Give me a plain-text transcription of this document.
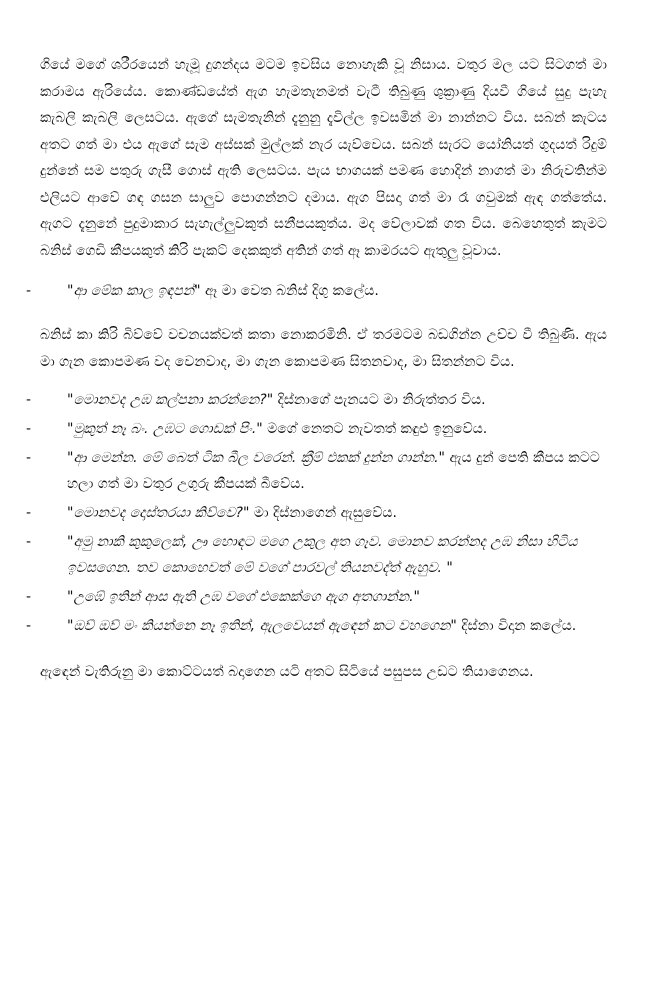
ගියේ මගේ ශරීරයෙන් හැමූ දුගන්දය මටම ඉවසිය නොහැකි වූ නිසාය. වතුර මල යට සිටගත් මා කරාමය ඇරියේය. කොණ්ඩයේත් ඇග හැමතැනමත් වැටී තිබුණු ශුක්‍රාණු දියවී ගියේ සුදු පැහැ කැබලි කැබලි ලෙසටය. ඇගේ සැමතැනින් දැනුනු දැවිල්ල ඉවසමින් මා නාන්නට විය. සබන් කැටය අතට ගත් මා එය ඇගේ සැම අස්සක් මුල්ලක් නැර යැව්වෙය. සබන් සැරට යෝනියත් ගුදයත් රිදුම් දුන්නේ සම පතුරු ගැසී ගොස් ඇති ලෙසටය. පැය භාගයක් පමණ හොදින් නාගත් මා නිරුවතින්ම එලියට ආවේ ගඳ ගසන සාලුව පොගන්නට දමාය. ඇග පිසදා ගත් මා රෑ ගවුමක් ඇඳ ගත්තේය. ඇගට දැනුනේ පුදුමාකාර සැහැල්ලුවකුත් සනීපයකුත්ය. මද වේලාවක් ගත විය. බෙහෙතුත් කැමට බනිස් ගෙඩි කීපයකුත් කිරි පැකට් දෙකකුත් අතින් ගත් ඈ කාමරයට ඇතුලු වූවාය.

-	"ආ මේක කාල ඉඳපන්" ඈ මා වෙත බනිස් දිගු කලේය.

බනිස් කා කිරි බිව්වේ වචනයක්වත් කතා නොකරමිනි. ඒ තරමටම බඩගින්න උච්ච වී තිබුණි. ඇය මා ගැන කොපමණ වද වෙනවාද, මා ගැන කොපමණ සිතනවාද, මා සිතන්නට විය.

-	"මොනවද උඹ කල්පනා කරන්නෙ?" දිස්නාගේ පැනයට මා නිරුත්තර විය.
-	"මුකුත් නෑ බං. උඹට ගොඩක් පිං." මගේ නෙතට නැවතත් කඳුළු ඉනුවේය.
-	"ආ මෙන්න. මේ බෙත් ටික බීල වරෙන්. ක්‍රීම් එකක් දුන්න ගාන්න." ඇය දුන් පෙති කීපය කටට හලා ගත් මා වතුර උගුරු කීපයක් බීවේය.
-	"මොනවද දොස්තරයා කිව්වෙ?" මා දිස්නාගෙන් ඇසුවේය.
-	"අමු නාකි කුකුලෙක්, ඌ හොඳට මගෙ උකුල අත ගෑව. මොනව කරන්නද උඹ නිසා හිටිය ඉවසගෙන. තව කොහෙවත් මේ වගේ පාරවල් තියනවද්‍ත් ඇහුව. "
-	"උඹේ ඉතින් ආස ඇති උඹ වගේ එකෙක්ගෙ ඇග අතගාන්න."
-	"ඔව් ඔව් මං කියන්නෙ නෑ ඉතින්, ඇලවෙයන් ඇඳෙන් කට වහගෙන" දිස්නා විදාන කලේය.

ඇඳෙන් වැතිරුනු මා කොට්ටයත් බදාගෙන යටි අතට සිටියේ පසුපස උඩට තියාගෙනය.
